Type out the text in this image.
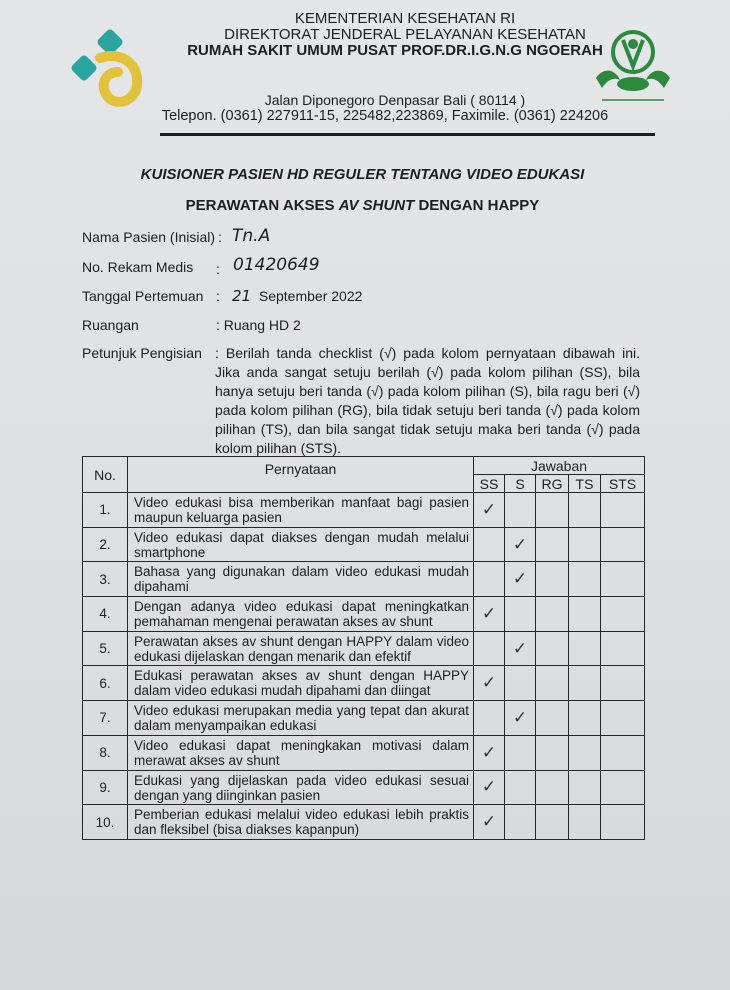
KEMENTERIAN KESEHATAN RI
DIREKTORAT JENDERAL PELAYANAN KESEHATAN
RUMAH SAKIT UMUM PUSAT PROF.DR.I.G.N.G NGOERAH
Jalan Diponegoro Denpasar Bali ( 80114 )
Telepon. (0361) 227911-15, 225482,223869, Faximile. (0361) 224206
KUISIONER PASIEN HD REGULER TENTANG VIDEO EDUKASI
PERAWATAN AKSES AV SHUNT DENGAN HAPPY
Nama Pasien (Inisial) : Tn.A
No. Rekam Medis : 01420649
Tanggal Pertemuan : 21 September 2022
Ruangan	: Ruang HD 2
Petunjuk Pengisian : Berilah tanda checklist (√) pada kolom pernyataan dibawah ini. Jika anda sangat setuju berilah (√) pada kolom pilihan (SS), bila hanya setuju beri tanda (√) pada kolom pilihan (S), bila ragu beri (√) pada kolom pilihan (RG), bila tidak setuju beri tanda (√) pada kolom pilihan (TS), dan bila sangat tidak setuju maka beri tanda (√) pada kolom pilihan (STS).
No.	Pernyataan	Jawaban				
		SS	S	RG	TS	STS
1.	Video edukasi bisa memberikan manfaat bagi pasien maupun keluarga pasien	✓				
2.	Video edukasi dapat diakses dengan mudah melalui smartphone		✓			
3.	Bahasa yang digunakan dalam video edukasi mudah dipahami		✓			
4.	Dengan adanya video edukasi dapat meningkatkan pemahaman mengenai perawatan akses av shunt	✓				
5.	Perawatan akses av shunt dengan HAPPY dalam video edukasi dijelaskan dengan menarik dan efektif		✓			
6.	Edukasi perawatan akses av shunt dengan HAPPY dalam video edukasi mudah dipahami dan diingat	✓				
7.	Video edukasi merupakan media yang tepat dan akurat dalam menyampaikan edukasi		✓			
8.	Video edukasi dapat meningkakan motivasi dalam merawat akses av shunt	✓				
9.	Edukasi yang dijelaskan pada video edukasi sesuai dengan yang diinginkan pasien	✓				
10.	Pemberian edukasi melalui video edukasi lebih praktis dan fleksibel (bisa diakses kapanpun)	✓				
